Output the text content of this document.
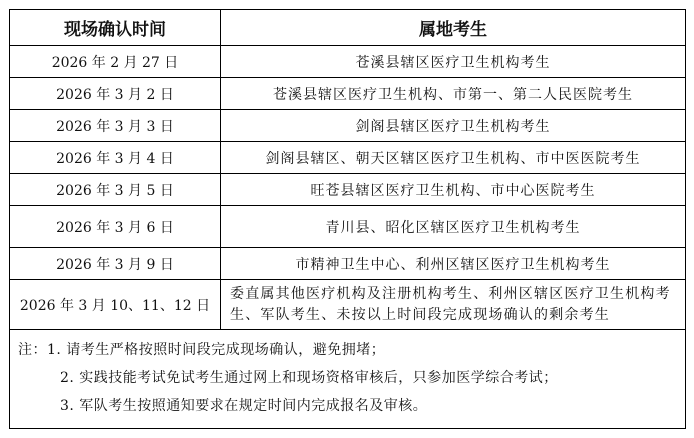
现场确认时间	属地考生
2026 年 2 月 27 日	苍溪县辖区医疗卫生机构考生
2026 年 3 月 2 日	苍溪县辖区医疗卫生机构、市第一、第二人民医院考生
2026 年 3 月 3 日	剑阁县辖区医疗卫生机构考生
2026 年 3 月 4 日	剑阁县辖区、朝天区辖区医疗卫生机构、市中医医院考生
2026 年 3 月 5 日	旺苍县辖区医疗卫生机构、市中心医院考生
2026 年 3 月 6 日	青川县、昭化区辖区医疗卫生机构考生
2026 年 3 月 9 日	市精神卫生中心、利州区辖区医疗卫生机构考生
2026 年 3 月 10、11、12 日	委直属其他医疗机构及注册机构考生、利州区辖区医疗卫生机构考生、军队考生、未按以上时间段完成现场确认的剩余考生

注：1. 请考生严格按照时间段完成现场确认，避免拥堵；
2. 实践技能考试免试考生通过网上和现场资格审核后，只参加医学综合考试；
3. 军队考生按照通知要求在规定时间内完成报名及审核。	
